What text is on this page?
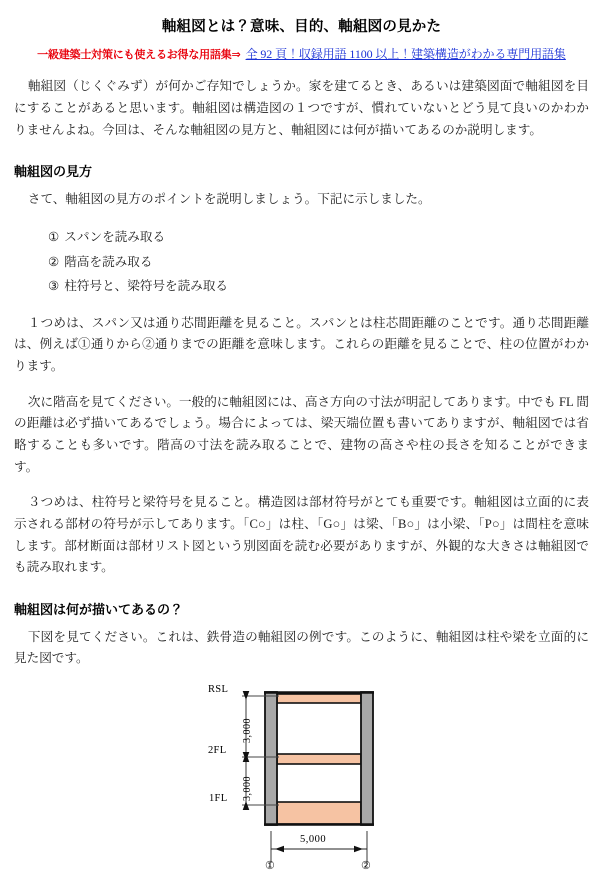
軸組図とは？意味、目的、軸組図の見かた
一級建築士対策にも使えるお得な用語集⇒ 全 92 頁！収録用語 1100 以上！建築構造がわかる専門用語集

軸組図（じくぐみず）が何かご存知でしょうか。家を建てるとき、あるいは建築図面で軸組図を目にすることがあると思います。軸組図は構造図の１つですが、慣れていないとどう見て良いのかわかりませんよね。今回は、そんな軸組図の見方と、軸組図には何が描いてあるのか説明します。

軸組図の見方

さて、軸組図の見方のポイントを説明しましょう。下記に示しました。

① スパンを読み取る
② 階高を読み取る
③ 柱符号と、梁符号を読み取る

１つめは、スパン又は通り芯間距離を見ること。スパンとは柱芯間距離のことです。通り芯間距離は、例えば①通りから②通りまでの距離を意味します。これらの距離を見ることで、柱の位置がわかります。

次に階高を見てください。一般的に軸組図には、高さ方向の寸法が明記してあります。中でも FL 間の距離は必ず描いてあるでしょう。場合によっては、梁天端位置も書いてありますが、軸組図では省略することも多いです。階高の寸法を読み取ることで、建物の高さや柱の長さを知ることができます。

３つめは、柱符号と梁符号を見ること。構造図は部材符号がとても重要です。軸組図は立面的に表示される部材の符号が示してあります。「C○」は柱、「G○」は梁、「B○」は小梁、「P○」は間柱を意味します。部材断面は部材リスト図という別図面を読む必要がありますが、外観的な大きさは軸組図でも読み取れます。

軸組図は何が描いてあるの？

下図を見てください。これは、鉄骨造の軸組図の例です。このように、軸組図は柱や梁を立面的に見た図です。

RSL
2FL
1FL
3,000
3,000
5,000
①	②
